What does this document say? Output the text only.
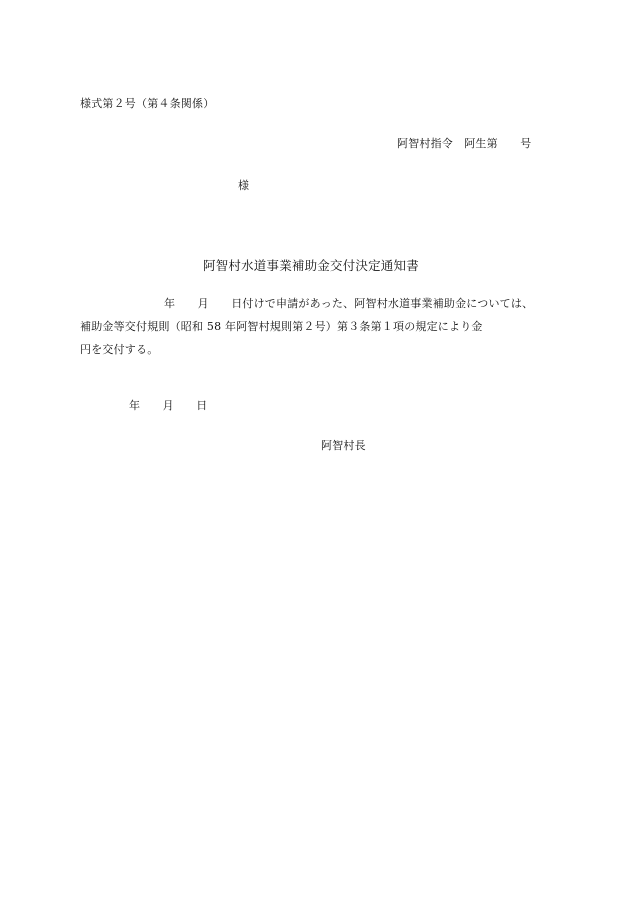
様式第２号（第４条関係）
阿智村指令　阿生第　　号
様
阿智村水道事業補助金交付決定通知書
年　　月　　日付けで申請があった、阿智村水道事業補助金については、
補助金等交付規則（昭和 58 年阿智村規則第２号）第３条第１項の規定により金
円を交付する。
年　　月　　日
阿智村長
